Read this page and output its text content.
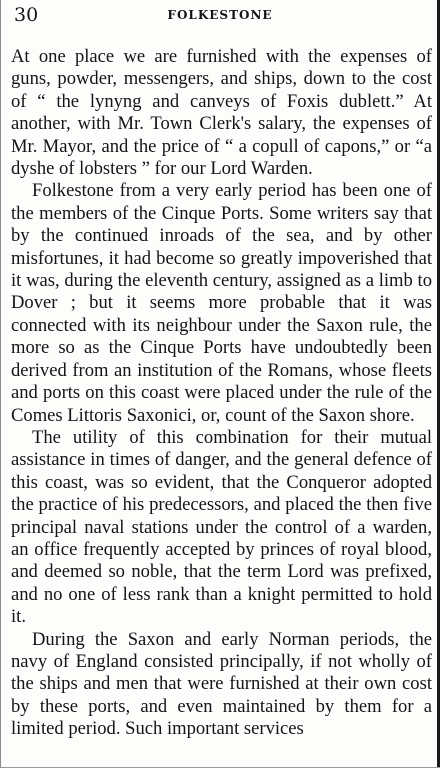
30	FOLKESTONE

At one place we are furnished with the expenses of guns, powder, messengers, and ships, down to the cost of “ the lynyng and canveys of Foxis dublett.” At another, with Mr. Town Clerk's salary, the expenses of Mr. Mayor, and the price of “ a copull of capons,” or “a dyshe of lobsters ” for our Lord Warden.

Folkestone from a very early period has been one of the members of the Cinque Ports. Some writers say that by the continued inroads of the sea, and by other misfortunes, it had become so greatly impoverished that it was, during the eleventh century, assigned as a limb to Dover ; but it seems more probable that it was connected with its neighbour under the Saxon rule, the more so as the Cinque Ports have undoubtedly been derived from an institution of the Romans, whose fleets and ports on this coast were placed under the rule of the Comes Littoris Saxonici, or, count of the Saxon shore.

The utility of this combination for their mutual assistance in times of danger, and the general defence of this coast, was so evident, that the Conqueror adopted the practice of his predecessors, and placed the then five principal naval stations under the control of a warden, an office frequently accepted by princes of royal blood, and deemed so noble, that the term Lord was prefixed, and no one of less rank than a knight permitted to hold it.

During the Saxon and early Norman periods, the navy of England consisted principally, if not wholly of the ships and men that were furnished at their own cost by these ports, and even maintained by them for a limited period. Such important services
